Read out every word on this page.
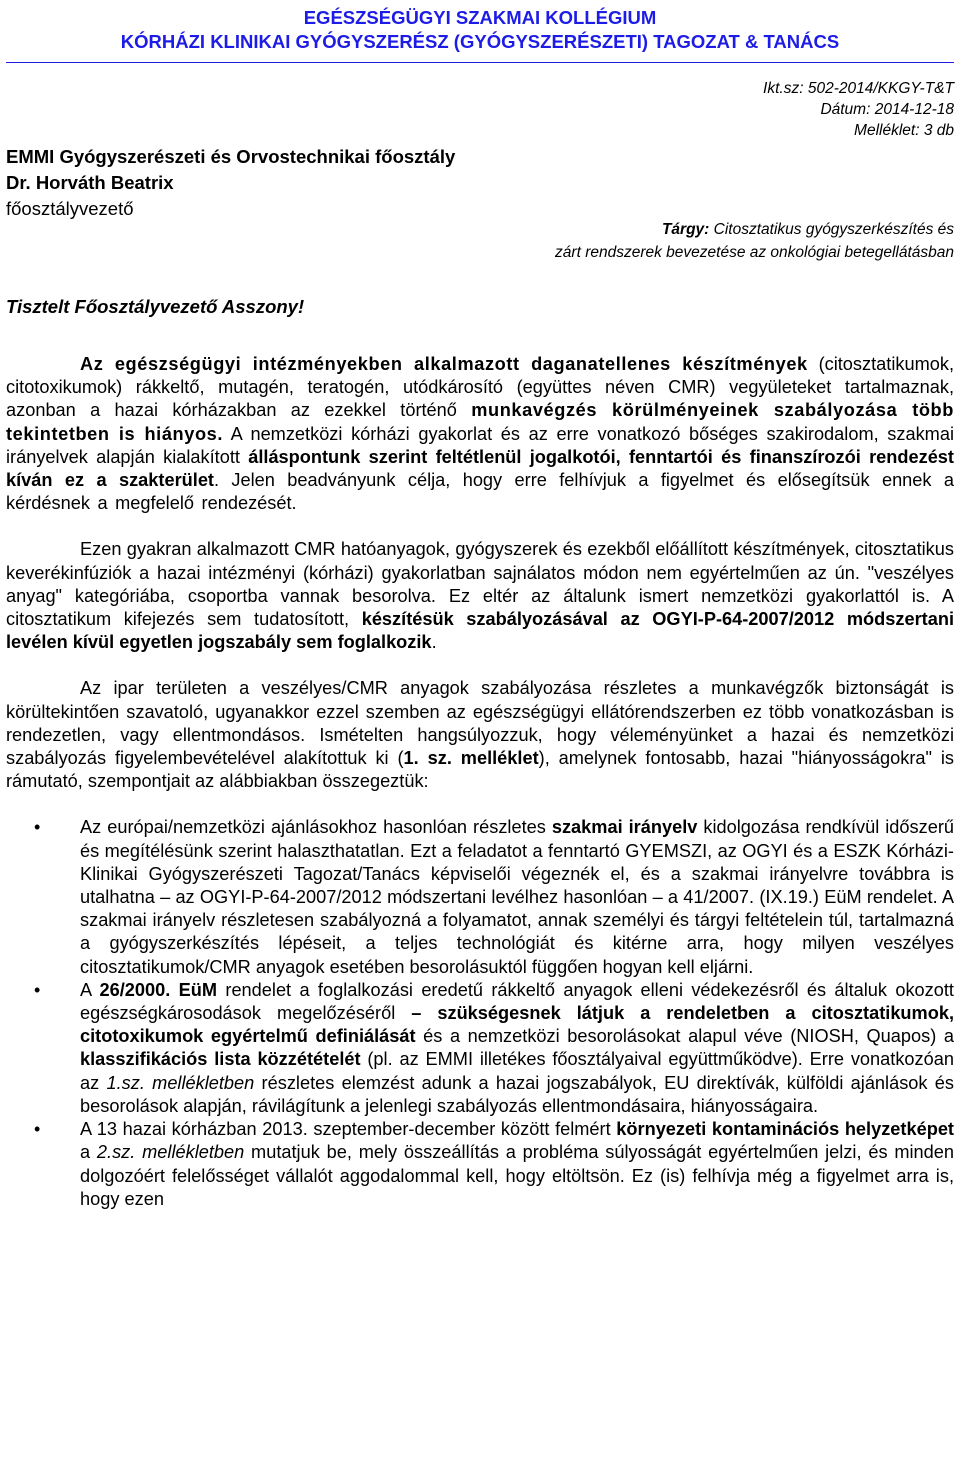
EGÉSZSÉGÜGYI SZAKMAI KOLLÉGIUM
KÓRHÁZI KLINIKAI GYÓGYSZERÉSZ (GYÓGYSZERÉSZETI) TAGOZAT & TANÁCS
Ikt.sz: 502-2014/KKGY-T&T
Dátum: 2014-12-18
Melléklet: 3 db
EMMI Gyógyszerészeti és Orvostechnikai főosztály
Dr. Horváth Beatrix
főosztályvezető
Tárgy: Citosztatikus gyógyszerkészítés és
zárt rendszerek bevezetése az onkológiai betegellátásban
Tisztelt Főosztályvezető Asszony!

Az egészségügyi intézményekben alkalmazott daganatellenes készítmények (citosztatikumok, citotoxikumok) rákkeltő, mutagén, teratogén, utódkárosító (együttes néven CMR) vegyületeket tartalmaznak, azonban a hazai kórházakban az ezekkel történő munkavégzés körülményeinek szabályozása több tekintetben is hiányos. A nemzetközi kórházi gyakorlat és az erre vonatkozó bőséges szakirodalom, szakmai irányelvek alapján kialakított álláspontunk szerint feltétlenül jogalkotói, fenntartói és finanszírozói rendezést kíván ez a szakterület. Jelen beadványunk célja, hogy erre felhívjuk a figyelmet és elősegítsük ennek a kérdésnek a megfelelő rendezését.

Ezen gyakran alkalmazott CMR hatóanyagok, gyógyszerek és ezekből előállított készítmények, citosztatikus keverékinfúziók a hazai intézményi (kórházi) gyakorlatban sajnálatos módon nem egyértelműen az ún. "veszélyes anyag" kategóriába, csoportba vannak besorolva. Ez eltér az általunk ismert nemzetközi gyakorlattól is. A citosztatikum kifejezés sem tudatosított, készítésük szabályozásával az OGYI-P-64-2007/2012 módszertani levélen kívül egyetlen jogszabály sem foglalkozik.

Az ipar területen a veszélyes/CMR anyagok szabályozása részletes a munkavégzők biztonságát is körültekintően szavatoló, ugyanakkor ezzel szemben az egészségügyi ellátórendszerben ez több vonatkozásban is rendezetlen, vagy ellentmondásos. Ismételten hangsúlyozzuk, hogy véleményünket a hazai és nemzetközi szabályozás figyelembevételével alakítottuk ki (1. sz. melléklet), amelynek fontosabb, hazai "hiányosságokra" is rámutató, szempontjait az alábbiakban összegeztük:

• Az európai/nemzetközi ajánlásokhoz hasonlóan részletes szakmai irányelv kidolgozása rendkívül időszerű és megítélésünk szerint halaszthatatlan. Ezt a feladatot a fenntartó GYEMSZI, az OGYI és a ESZK Kórházi-Klinikai Gyógyszerészeti Tagozat/Tanács képviselői végeznék el, és a szakmai irányelvre továbbra is utalhatna – az OGYI-P-64-2007/2012 módszertani levélhez hasonlóan – a 41/2007. (IX.19.) EüM rendelet. A szakmai irányelv részletesen szabályozná a folyamatot, annak személyi és tárgyi feltételein túl, tartalmazná a gyógyszerkészítés lépéseit, a teljes technológiát és kitérne arra, hogy milyen veszélyes citosztatikumok/CMR anyagok esetében besorolásuktól függően hogyan kell eljárni.
• A 26/2000. EüM rendelet a foglalkozási eredetű rákkeltő anyagok elleni védekezésről és általuk okozott egészségkárosodások megelőzéséről – szükségesnek látjuk a rendeletben a citosztatikumok, citotoxikumok egyértelmű definiálását és a nemzetközi besorolásokat alapul véve (NIOSH, Quapos) a klasszifikációs lista közzétételét (pl. az EMMI illetékes főosztályaival együttműködve). Erre vonatkozóan az 1.sz. mellékletben részletes elemzést adunk a hazai jogszabályok, EU direktívák, külföldi ajánlások és besorolások alapján, rávilágítunk a jelenlegi szabályozás ellentmondásaira, hiányosságaira.
• A 13 hazai kórházban 2013. szeptember-december között felmért környezeti kontaminációs helyzetképet a 2.sz. mellékletben mutatjuk be, mely összeállítás a probléma súlyosságát egyértelműen jelzi, és minden dolgozóért felelősséget vállalót aggodalommal kell, hogy eltöltsön. Ez (is) felhívja még a figyelmet arra is, hogy ezen
